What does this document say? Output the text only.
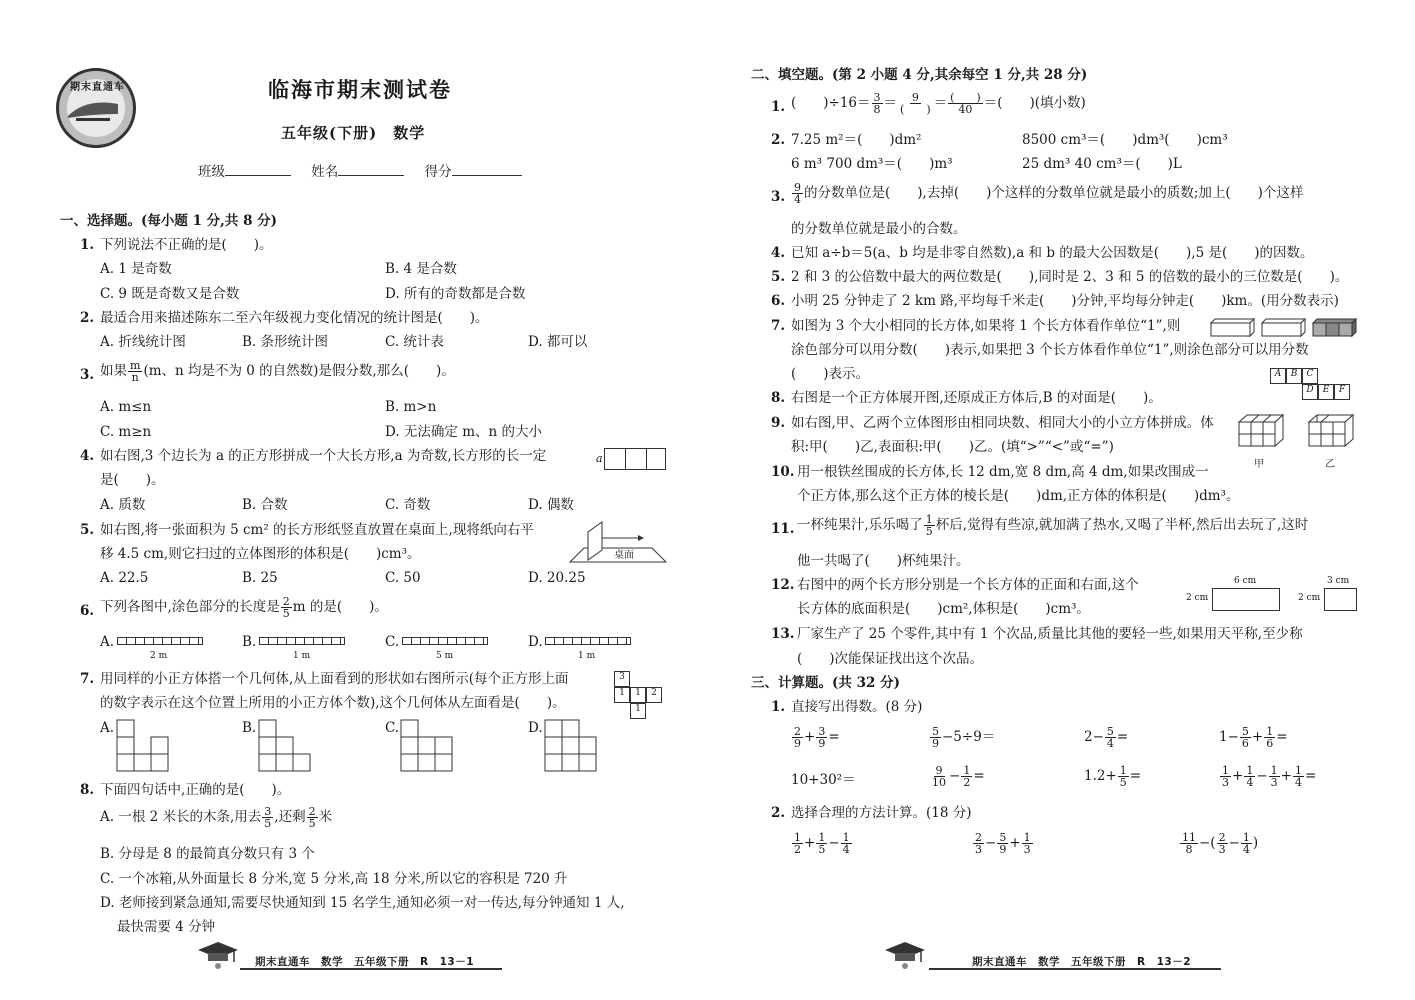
期末直通车	临海市期末测试卷
五年级(下册)　数学
班级	姓名	得分
一、选择题。(每小题 1 分,共 8 分)
1. 下列说法不正确的是(　　)。
A. 1 是奇数	B. 4 是合数
C. 9 既是奇数又是合数	D. 所有的奇数都是合数
2. 最适合用来描述陈东二至六年级视力变化情况的统计图是(　　)。
A. 折线统计图	B. 条形统计图	C. 统计表	D. 都可以
3. 如果 $\frac{m}{n} (m$、n 均是不为 0 的自然数)是假分数,那么(　　)。
A. m≤n	B. m>n
C. m≥n	D. 无法确定 m、n 的大小
4. 如右图,3 个边长为 a 的正方形拼成一个大长方形,a 为奇数,长方形的长一定
是(　　)。
a
A. 质数	B. 合数	C. 奇数	D. 偶数
5. 如右图,将一张面积为 5 cm² 的长方形纸竖直放置在桌面上,现将纸向右平
移 4.5 cm,则它扫过的立体图形的体积是(　　)cm³。	桌面
A. 22.5	B. 25	C. 50	D. 20.25
6. 下列各图中,涂色部分的长度是 $\frac{2}{5}$ m 的是(　　)。
A.
2 m
B.
1 m
C.
5 m
D.
1 m
7. 用同样的小正方体搭一个几何体,从上面看到的形状如右图所示(每个正方形上面
的数字表示在这个位置上所用的小正方体个数),这个几何体从左面看是(　　)。
3
1	1	2
1
A.	B.	C.	D.
8. 下面四句话中,正确的是(　　)。
A. 一根 2 米长的木条,用去 $\frac{3}{5}$ ,还剩 $\frac{2}{5}$ 米
B. 分母是 8 的最简真分数只有 3 个
C. 一个冰箱,从外面量长 8 分米,宽 5 分米,高 18 分米,所以它的容积是 720 升
D. 老师接到紧急通知,需要尽快通知到 15 名学生,通知必须一对一传达,每分钟通知 1 人,
最快需要 4 分钟
期末直通车　数学　五年级下册　R　13－1
二、填空题。(第 2 小题 4 分,其余每空 1 分,共 28 分)
1. (　　)$\div 16= \frac{3}{8} = \frac{9}{( )} = \frac{( )}{40}$ ＝(　　)(填小数)
2. 7.25 m²＝(　　)dm²	8500 cm³＝(　　)dm³(　　)cm³
6 m³ 700 dm³＝(　　)m³	25 dm³ 40 cm³＝(　　)L
3. $\frac{9}{4}$ 的分数单位是(　　),去掉(　　)个这样的分数单位就是最小的质数;加上(　　)个这样
的分数单位就是最小的合数。
4. 已知 a÷b＝5(a、b 均是非零自然数),a 和 b 的最大公因数是(　　),5 是(　　)的因数。
5. 2 和 3 的公倍数中最大的两位数是(　　),同时是 2、3 和 5 的倍数的最小的三位数是(　　)。
6. 小明 25 分钟走了 2 km 路,平均每千米走(　　)分钟,平均每分钟走(　　)km。(用分数表示)
7. 如图为 3 个大小相同的长方体,如果将 1 个长方体看作单位“1”,则
涂色部分可以用分数(　　)表示,如果把 3 个长方体看作单位“1”,则涂色部分可以用分数
(　　)表示。	A	B	C
D	E	F
8. 右图是一个正方体展开图,还原成正方体后,B 的对面是(　　)。
9. 如右图,甲、乙两个立体图形由相同块数、相同大小的小立方体拼成。体
积:甲(　　)乙,表面积:甲(　　)乙。(填“>”“<”或“=”)
甲	乙
10. 用一根铁丝围成的长方体,长 12 dm,宽 8 dm,高 4 dm,如果改围成一
个正方体,那么这个正方体的棱长是(　　)dm,正方体的体积是(　　)dm³。
11. 一杯纯果汁,乐乐喝了 $\frac{1}{5}$ 杯后,觉得有些凉,就加满了热水,又喝了半杯,然后出去玩了,这时
他一共喝了(　　)杯纯果汁。
12. 右图中的两个长方形分别是一个长方体的正面和右面,这个
长方体的底面积是(　　)cm²,体积是(　　)cm³。
6 cm
2 cm
3 cm
2 cm
13. 厂家生产了 25 个零件,其中有 1 个次品,质量比其他的要轻一些,如果用天平称,至少称
(　　)次能保证找出这个次品。
三、计算题。(共 32 分)
1. 直接写出得数。(8 分)
$\frac{2}{9} + \frac{3}{9}$ =	$\frac{5}{9} -5\div 9=$	$2- \frac{5}{4}$ =	$1- \frac{5}{6} + \frac{1}{6}$ =
10+30²＝	$\frac{9}{10} - \frac{1}{2}$ =	$1.2+ \frac{1}{5}$ =	$\frac{1}{3} + \frac{1}{4} - \frac{1}{3} + \frac{1}{4}$ =
2. 选择合理的方法计算。(18 分)
$\frac{1}{2} + \frac{1}{5} - \frac{1}{4}$	$\frac{2}{3} - \frac{5}{9} + \frac{1}{3}$	$\frac{11}{8}$ −( $\frac{2}{3} - \frac{1}{4}$ )
期末直通车　数学　五年级下册　R　13－2
